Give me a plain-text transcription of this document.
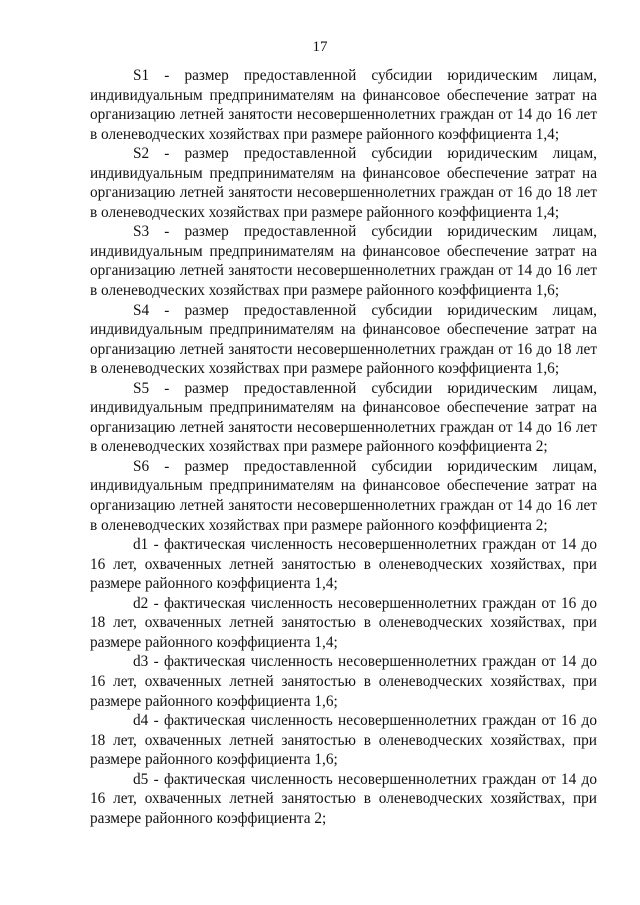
17

S1 - размер предоставленной субсидии юридическим лицам, индивидуальным предпринимателям на финансовое обеспечение затрат на организацию летней занятости несовершеннолетних граждан от 14 до 16 лет в оленеводческих хозяйствах при размере районного коэффициента 1,4;

S2 - размер предоставленной субсидии юридическим лицам, индивидуальным предпринимателям на финансовое обеспечение затрат на организацию летней занятости несовершеннолетних граждан от 16 до 18 лет в оленеводческих хозяйствах при размере районного коэффициента 1,4;

S3 - размер предоставленной субсидии юридическим лицам, индивидуальным предпринимателям на финансовое обеспечение затрат на организацию летней занятости несовершеннолетних граждан от 14 до 16 лет в оленеводческих хозяйствах при размере районного коэффициента 1,6;

S4 - размер предоставленной субсидии юридическим лицам, индивидуальным предпринимателям на финансовое обеспечение затрат на организацию летней занятости несовершеннолетних граждан от 16 до 18 лет в оленеводческих хозяйствах при размере районного коэффициента 1,6;

S5 - размер предоставленной субсидии юридическим лицам, индивидуальным предпринимателям на финансовое обеспечение затрат на организацию летней занятости несовершеннолетних граждан от 14 до 16 лет в оленеводческих хозяйствах при размере районного коэффициента 2;

S6 - размер предоставленной субсидии юридическим лицам, индивидуальным предпринимателям на финансовое обеспечение затрат на организацию летней занятости несовершеннолетних граждан от 14 до 16 лет в оленеводческих хозяйствах при размере районного коэффициента 2;

d1 - фактическая численность несовершеннолетних граждан от 14 до 16 лет, охваченных летней занятостью в оленеводческих хозяйствах, при размере районного коэффициента 1,4;

d2 - фактическая численность несовершеннолетних граждан от 16 до 18 лет, охваченных летней занятостью в оленеводческих хозяйствах, при размере районного коэффициента 1,4;

d3 - фактическая численность несовершеннолетних граждан от 14 до 16 лет, охваченных летней занятостью в оленеводческих хозяйствах, при размере районного коэффициента 1,6;

d4 - фактическая численность несовершеннолетних граждан от 16 до 18 лет, охваченных летней занятостью в оленеводческих хозяйствах, при размере районного коэффициента 1,6;

d5 - фактическая численность несовершеннолетних граждан от 14 до 16 лет, охваченных летней занятостью в оленеводческих хозяйствах, при размере районного коэффициента 2;
